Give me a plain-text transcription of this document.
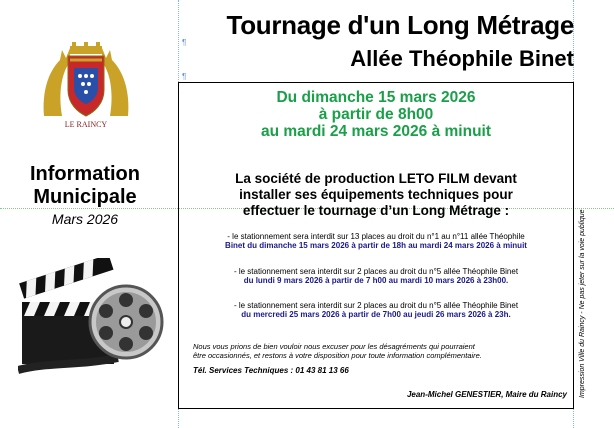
¶
¶
Tournage d'un Long Métrage
Allée Théophile Binet
LE RAINCY
Information
Municipale
Mars 2026
Du dimanche 15 mars 2026
à partir de 8h00
au mardi 24 mars 2026 à minuit
La société de production LETO FILM devant
installer ses équipements techniques pour
effectuer le tournage d’un Long Métrage :
- le stationnement sera interdit sur 13 places au droit du n°1 au n°11 allée Théophile
Binet du dimanche 15 mars 2026 à partir de 18h au mardi 24 mars 2026 à minuit
- le stationnement sera interdit sur 2 places au droit du n°5 allée Théophile Binet
du lundi 9 mars 2026 à partir de 7 h00 au mardi 10 mars 2026 à 23h00.
- le stationnement sera interdit sur 2 places au droit du n°5 allée Théophile Binet
du mercredi 25 mars 2026 à partir de 7h00 au jeudi 26 mars 2026 à 23h.
Nous vous prions de bien vouloir nous excuser pour les désagréments qui pourraient
être occasionnés, et restons à votre disposition pour toute information complémentaire.
Tél. Services Techniques : 01 43 81 13 66
Jean-Michel GENESTIER, Maire du Raincy Impression Ville du Raincy - Ne pas jeter sur la voie publique
